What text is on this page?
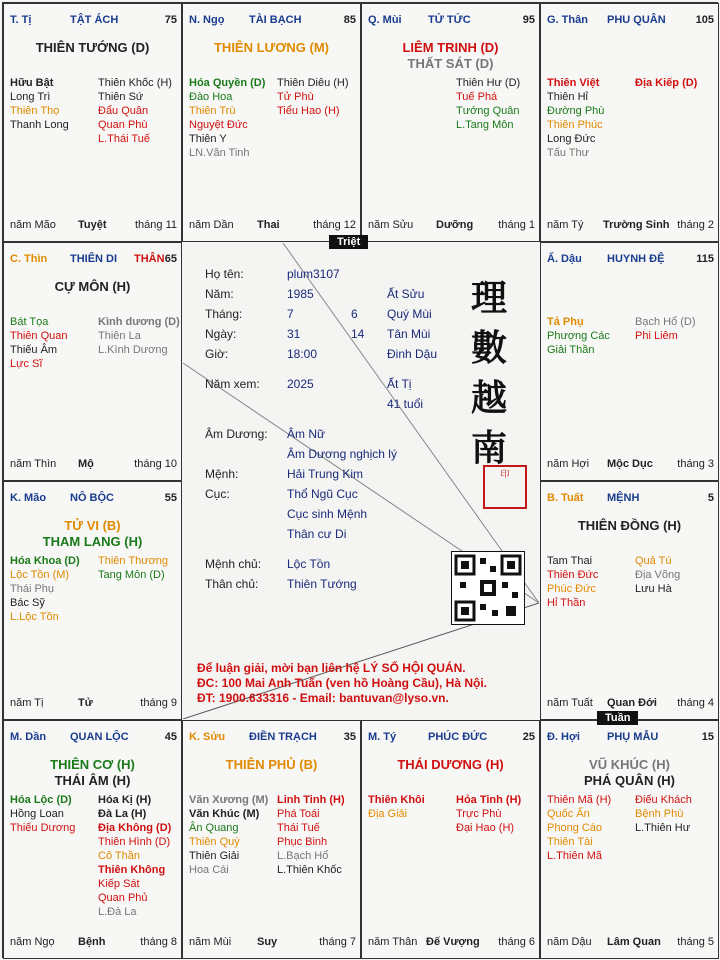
T. Tị	TẬT ÁCH	75
THIÊN TƯỚNG (D)
Hữu Bật
Long Trì
Thiên Thọ
Thanh Long
Thiên Khốc (H)
Thiên Sứ
Đẩu Quân
Quan Phù
L.Thái Tuế
năm Mão Tuyệt	tháng 11
N. Ngọ TÀI BẠCH	85
THIÊN LƯƠNG (M)
Hóa Quyền (D)
Đào Hoa
Thiên Trù
Nguyệt Đức
Thiên Y
LN.Văn Tinh
Thiên Diêu (H)
Tử Phù
Tiểu Hao (H)
năm Dần Thai	tháng 12
Q. Mùi TỬ TỨC	95
LIÊM TRINH (D)
THẤT SÁT (D)
Thiên Hư (D)
Tuế Phá
Tướng Quân
L.Tang Môn
năm Sửu Dưỡng tháng 1
G. Thân PHU QUÂN	105
Thiên Việt
Thiên Hỉ
Đường Phù
Thiên Phúc
Long Đức
Tấu Thư
Địa Kiếp (D)
năm Tý Trường Sinh tháng 2
C. Thìn THIÊN DI THÂN 65
CỰ MÔN (H)
Bát Tọa
Thiên Quan
Thiếu Âm
Lực Sĩ
Kình dương (D)
Thiên La
L.Kình Dương
năm Thìn Mộ	tháng 10
Ấ. Dậu HUYNH ĐỆ	115
Tả Phụ
Phượng Các
Giải Thần
Bạch Hổ (D)
Phi Liêm
năm Hợi Mộc Dục tháng 3
K. Mão NÔ BỘC	55
TỬ VI (B)
THAM LANG (H)
Hóa Khoa (D)
Lộc Tồn (M)
Thái Phụ
Bác Sỹ
L.Lộc Tồn
Thiên Thương
Tang Môn (D)
năm Tị	Tử	tháng 9
B. Tuất MỆNH	5
THIÊN ĐỒNG (H)
Tam Thai
Thiên Đức
Phúc Đức
Hỉ Thần
Quả Tú
Địa Võng
Lưu Hà
năm Tuất Quan Đới tháng 4
M. Dần QUAN LỘC	45
THIÊN CƠ (H)
THÁI ÂM (H)
Hóa Lộc (D)
Hồng Loan
Thiếu Dương
Hóa Kị (H)
Đà La (H)
Địa Không (D)
Thiên Hình (D)
Cô Thần
Thiên Không
Kiếp Sát
Quan Phủ
L.Đà La
năm Ngọ Bệnh	tháng 8
K. Sửu ĐIỀN TRẠCH 35
THIÊN PHỦ (B)
Văn Xương (M)
Văn Khúc (M)
Ân Quang
Thiên Quý
Thiên Giải
Hoa Cái
Linh Tinh (H)
Phá Toái
Thái Tuế
Phục Binh
L.Bạch Hổ
L.Thiên Khốc
năm Mùi Suy	tháng 7
M. Tý	PHÚC ĐỨC	25
THÁI DƯƠNG (H)
Thiên Khôi
Địa Giải
Hỏa Tinh (H)
Trực Phù
Đại Hao (H)
năm Thân Đế Vượng tháng 6
Đ. Hợi PHỤ MẪU	15
VŨ KHÚC (H)
PHÁ QUÂN (H)
Thiên Mã (H)
Quốc Ấn
Phong Cáo
Thiên Tài
L.Thiên Mã
Điếu Khách
Bệnh Phù
L.Thiên Hư
năm Dậu Lâm Quan tháng 5
Họ tên:	plum3107
Năm:	1985	Ất Sửu
Tháng:	7	6 Quý Mùi
Ngày:	31	14 Tân Mùi
Giờ:	18:00	Đinh Dậu
Năm xem: 2025	Ất Tị
41 tuổi
Âm Dương: Âm Nữ
Âm Dương nghịch lý
Mệnh:	Hải Trung Kim
Cục:	Thổ Ngũ Cục
Cục sinh Mệnh
Thân cư Di
Mệnh chủ: Lộc Tồn
Thân chủ: Thiên Tướng
理數越南
印
Để luận giải, mời bạn liên hệ LÝ SỐ HỘI QUÁN.
ĐC: 100 Mai Anh Tuấn (ven hồ Hoàng Cầu), Hà Nội.
ĐT: 1900.633316 - Email: bantuvan@lyso.vn.
Triệt
Tuần
